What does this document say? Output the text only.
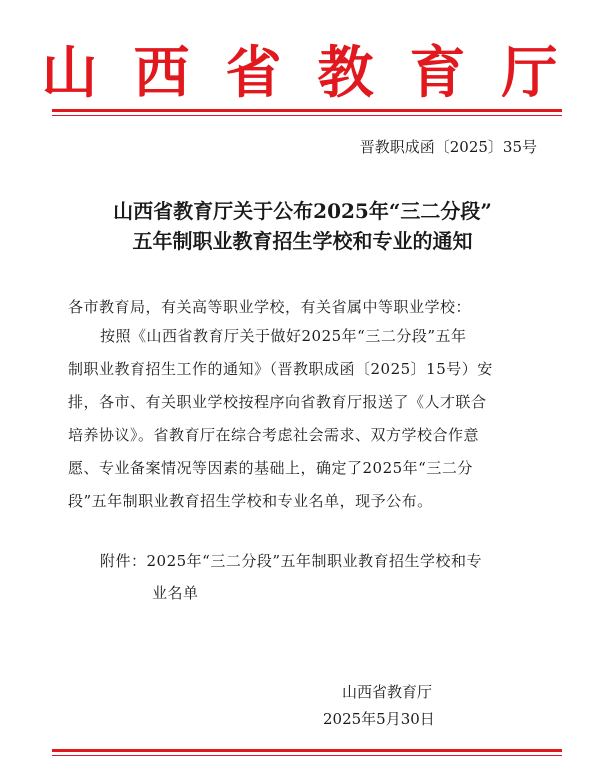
山西省教育厅
晋教职成函〔2025〕35号
山西省教育厅关于公布2025年“三二分段”
五年制职业教育招生学校和专业的通知
各市教育局，有关高等职业学校，有关省属中等职业学校：
按照《山西省教育厅关于做好2025年“三二分段”五年
制职业教育招生工作的通知》（晋教职成函〔2025〕15号）安
排，各市、有关职业学校按程序向省教育厅报送了《人才联合
培养协议》。省教育厅在综合考虑社会需求、双方学校合作意
愿、专业备案情况等因素的基础上，确定了2025年“三二分
段”五年制职业教育招生学校和专业名单，现予公布。
附件：2025年“三二分段”五年制职业教育招生学校和专
业名单
山西省教育厅
2025年5月30日
